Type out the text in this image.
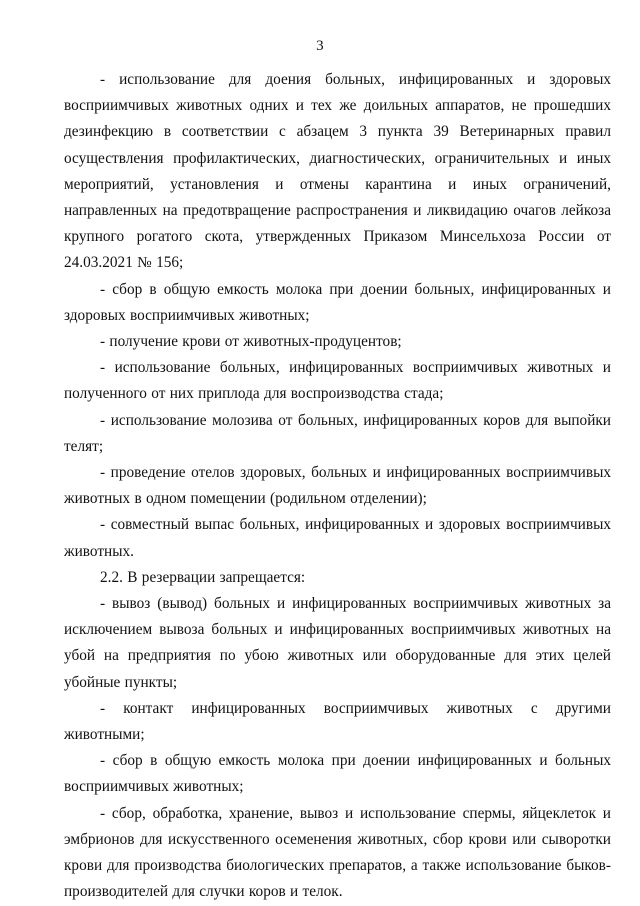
3

- использование для доения больных, инфицированных и здоровых восприимчивых животных одних и тех же доильных аппаратов, не прошедших дезинфекцию в соответствии с абзацем 3 пункта 39 Ветеринарных правил осуществления профилактических, диагностических, ограничительных и иных мероприятий, установления и отмены карантина и иных ограничений, направленных на предотвращение распространения и ликвидацию очагов лейкоза крупного рогатого скота, утвержденных Приказом Минсельхоза России от 24.03.2021 № 156;

- сбор в общую емкость молока при доении больных, инфицированных и здоровых восприимчивых животных;

- получение крови от животных-продуцентов;

- использование больных, инфицированных восприимчивых животных и полученного от них приплода для воспроизводства стада;

- использование молозива от больных, инфицированных коров для выпойки телят;

- проведение отелов здоровых, больных и инфицированных восприимчивых животных в одном помещении (родильном отделении);

- совместный выпас больных, инфицированных и здоровых восприимчивых животных.

2.2. В резервации запрещается:

- вывоз (вывод) больных и инфицированных восприимчивых животных за исключением вывоза больных и инфицированных восприимчивых животных на убой на предприятия по убою животных или оборудованные для этих целей убойные пункты;

- контакт инфицированных восприимчивых животных с другими животными;

- сбор в общую емкость молока при доении инфицированных и больных восприимчивых животных;

- сбор, обработка, хранение, вывоз и использование спермы, яйцеклеток и эмбрионов для искусственного осеменения животных, сбор крови или сыворотки крови для производства биологических препаратов, а также использование быков-производителей для случки коров и телок.
